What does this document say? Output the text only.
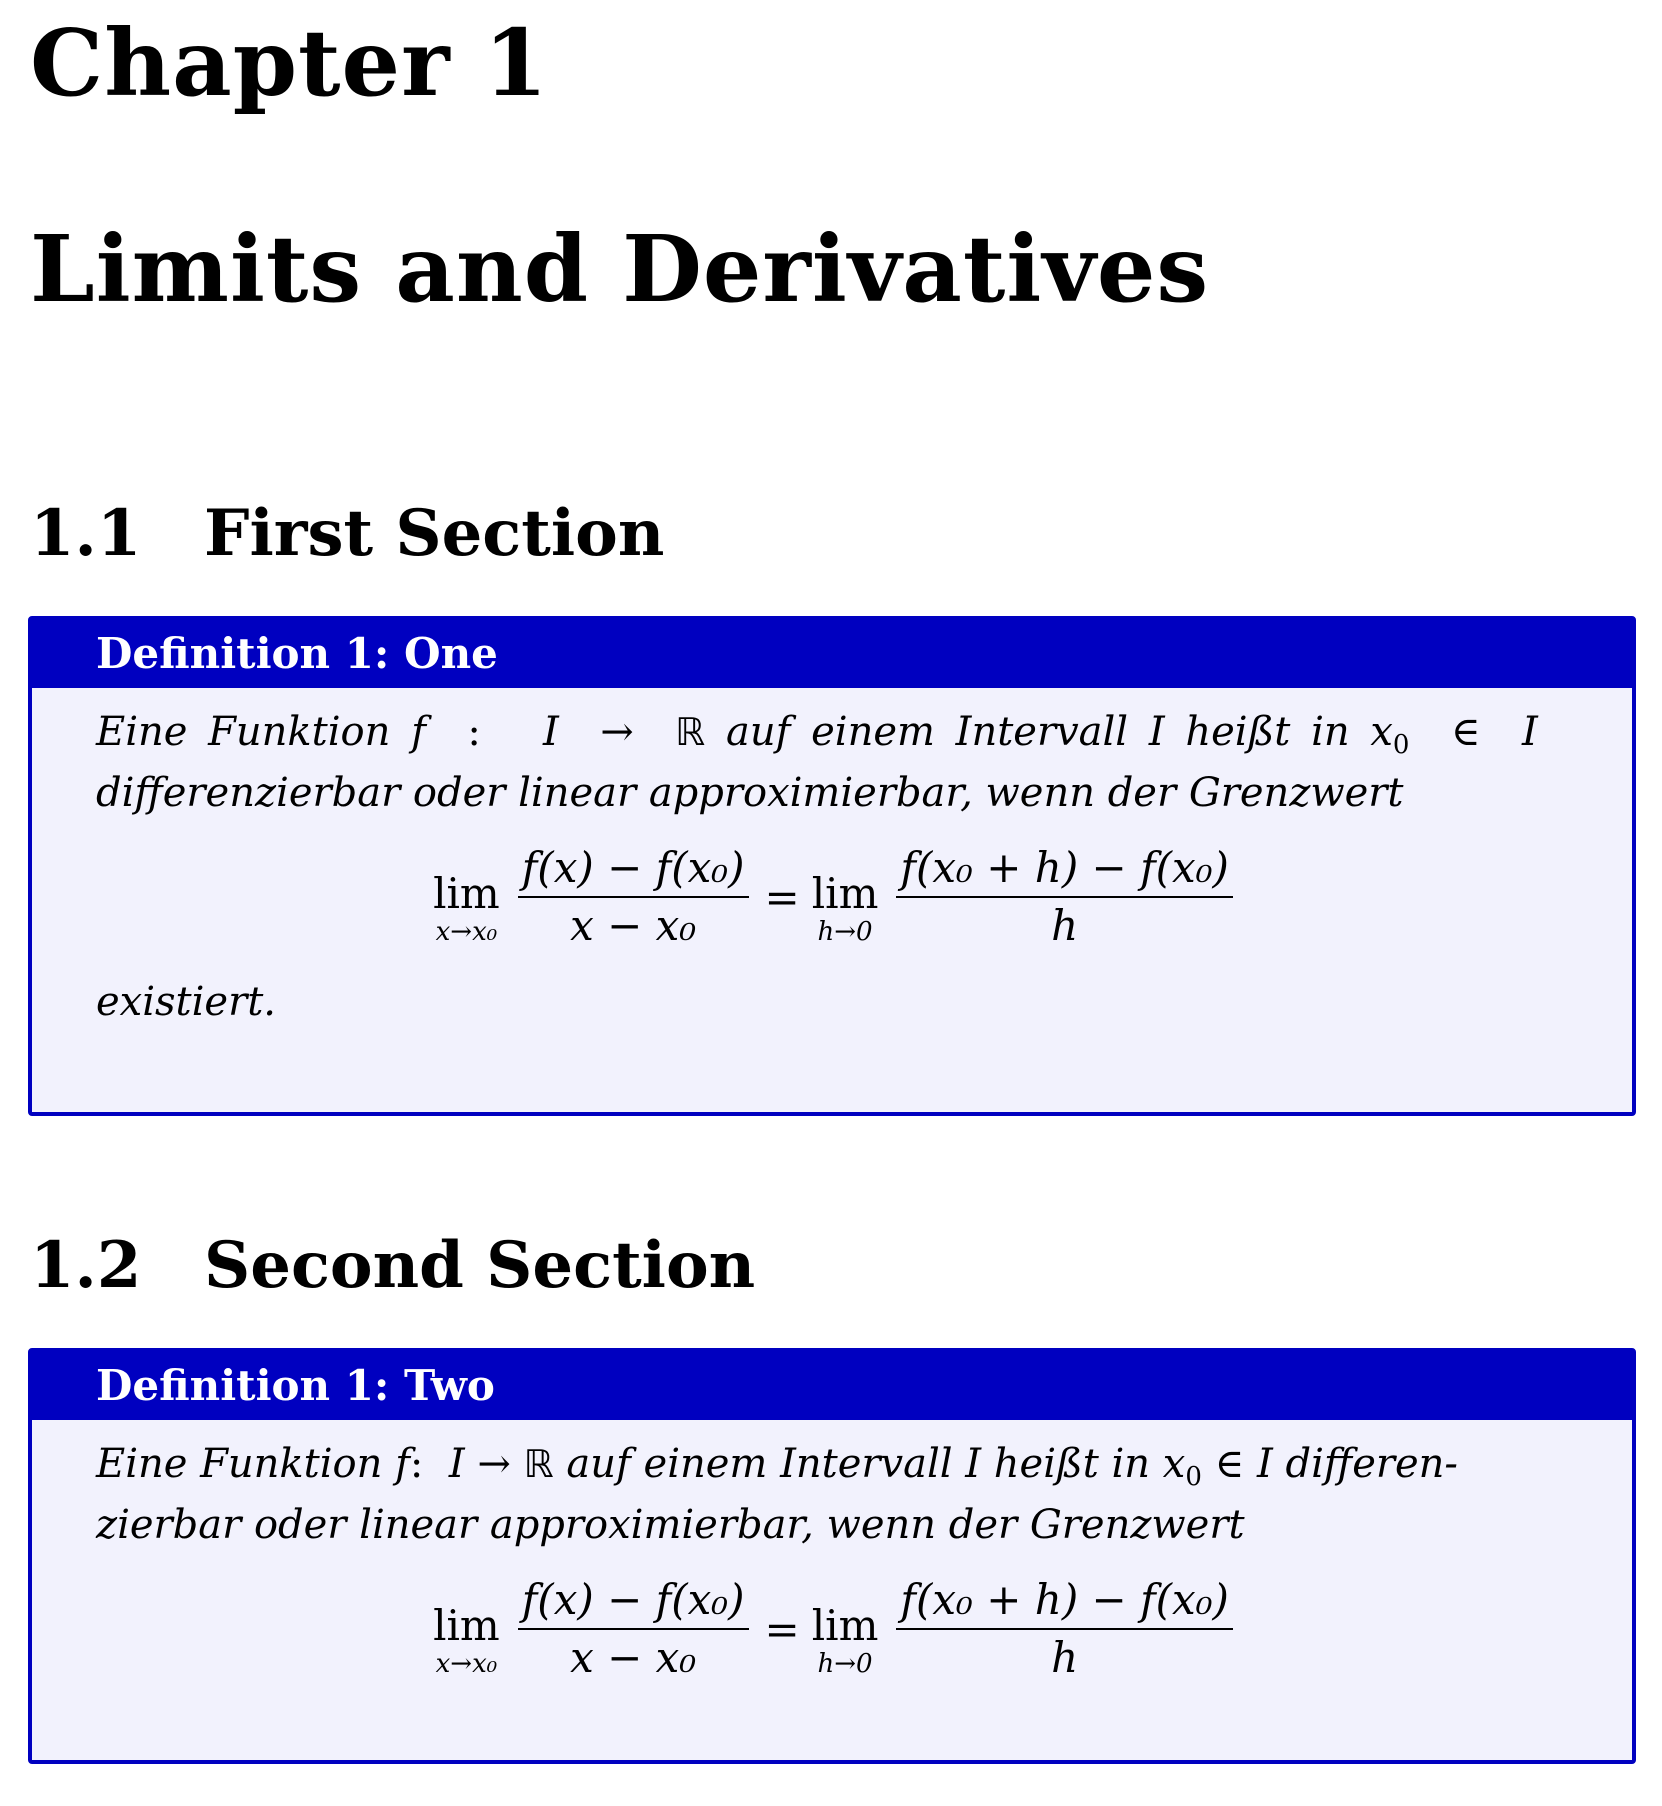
Chapter 1
Limits and Derivatives
1.1 First Section
Definition 1: One

Eine Funktion f  :   I  → ℝ auf einem Intervall I heißt in $x_0$ ∈  I
differenzierbar oder linear approximierbar, wenn der Grenzwert

lim
$x\to x_0 \frac{\text{f(x) − f(x₀)}}{\text{x − x₀}} = \lim$
$h\to 0 \frac{\text{f(x₀ + h) − f(x₀)}}{h}$

existiert.

1.2 Second Section
Definition 1: Two

Eine Funktion f:  I → ℝ auf einem Intervall I heißt in $x_0$ ∈ I differen-
zierbar oder linear approximierbar, wenn der Grenzwert

lim
$x\to x_0 \frac{\text{f(x) − f(x₀)}}{\text{x − x₀}} = \lim$
$h\to 0 \frac{\text{f(x₀ + h) − f(x₀)}}{h}$
